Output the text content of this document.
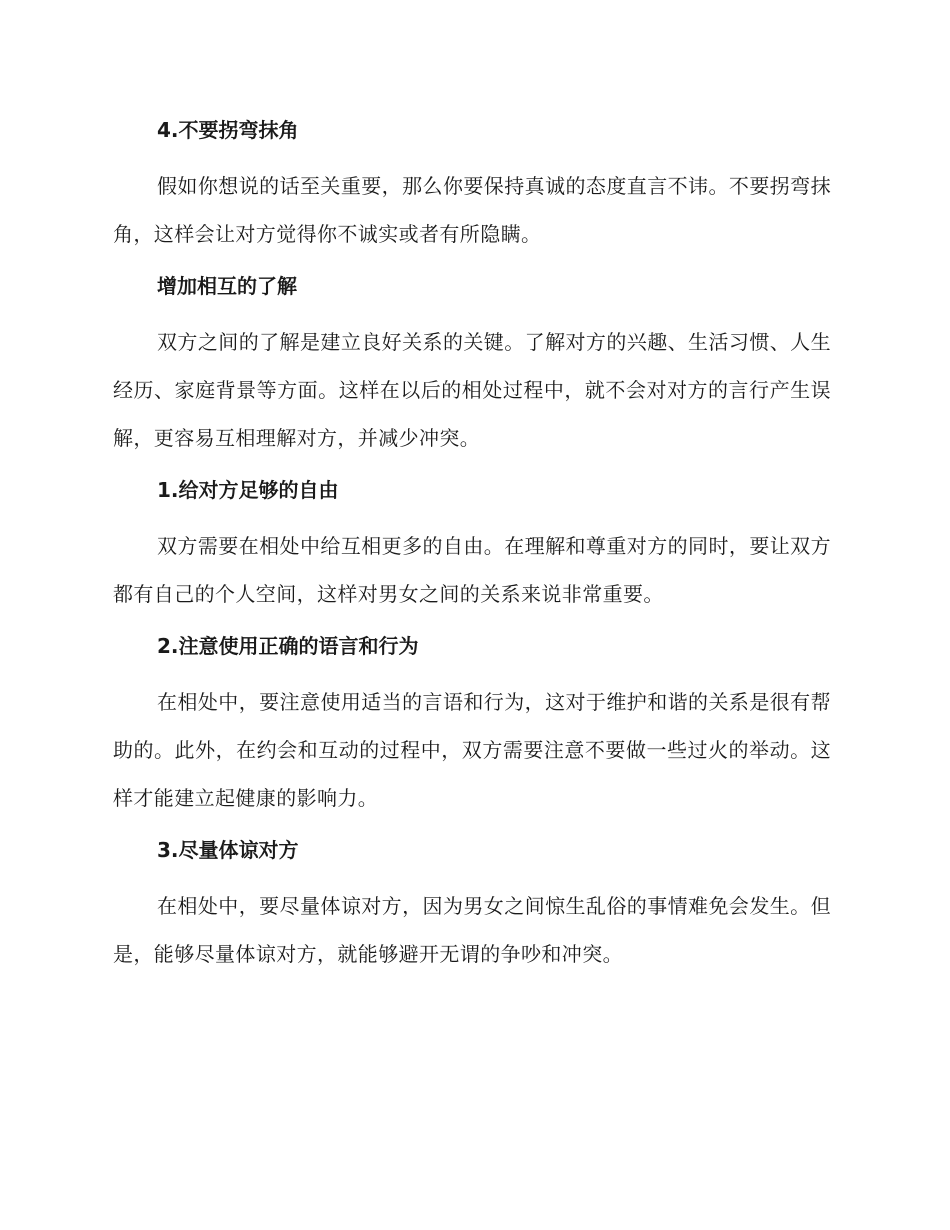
4.不要拐弯抹角

假如你想说的话至关重要，那么你要保持真诚的态度直言不讳。不要拐弯抹角，这样会让对方觉得你不诚实或者有所隐瞒。

增加相互的了解

双方之间的了解是建立良好关系的关键。了解对方的兴趣、生活习惯、人生经历、家庭背景等方面。这样在以后的相处过程中，就不会对对方的言行产生误解，更容易互相理解对方，并减少冲突。

1.给对方足够的自由

双方需要在相处中给互相更多的自由。在理解和尊重对方的同时，要让双方都有自己的个人空间，这样对男女之间的关系来说非常重要。

2.注意使用正确的语言和行为

在相处中，要注意使用适当的言语和行为，这对于维护和谐的关系是很有帮助的。此外，在约会和互动的过程中，双方需要注意不要做一些过火的举动。这样才能建立起健康的影响力。

3.尽量体谅对方

在相处中，要尽量体谅对方，因为男女之间惊生乱俗的事情难免会发生。但是，能够尽量体谅对方，就能够避开无谓的争吵和冲突。
